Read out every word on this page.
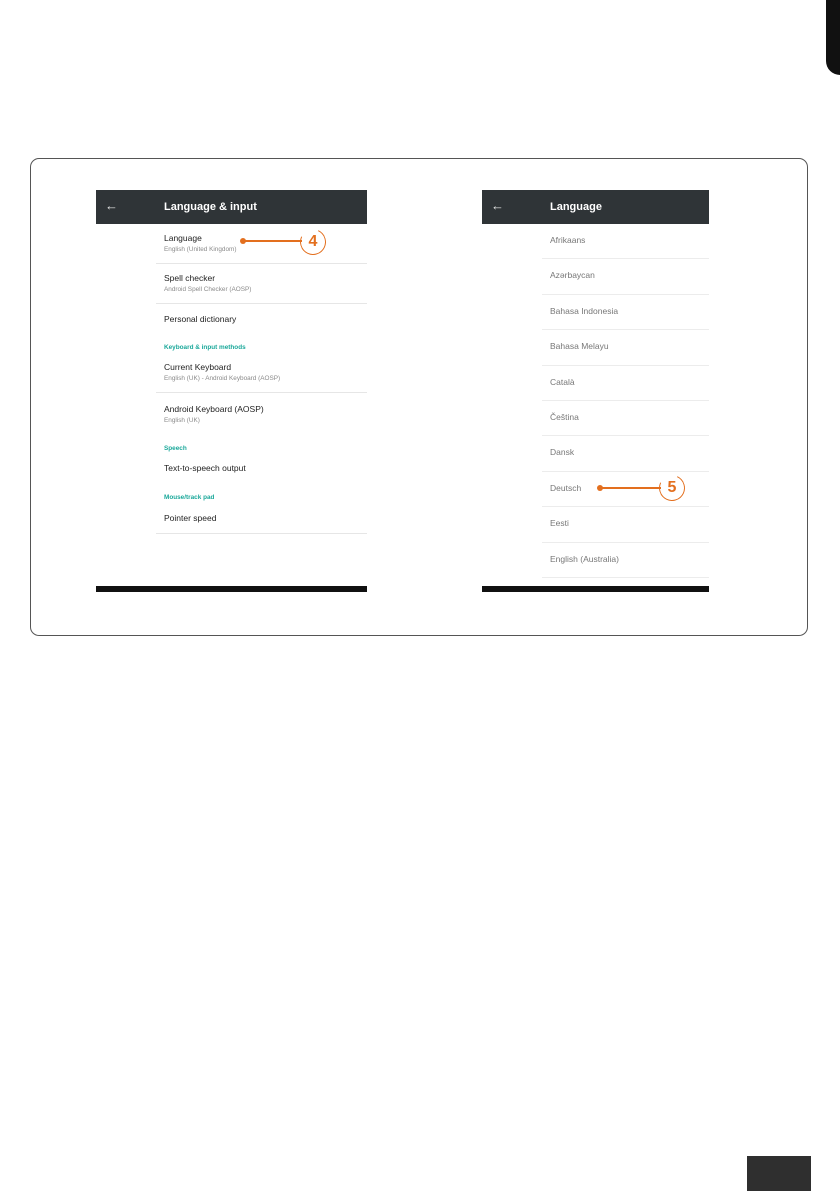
←	Language & input
Language
English (United Kingdom)
Spell checker
Android Spell Checker (AOSP)
Personal dictionary
Keyboard & input methods
Current Keyboard
English (UK) - Android Keyboard (AOSP)
Android Keyboard (AOSP)
English (UK)
Speech
Text-to-speech output
Mouse/track pad
Pointer speed
←	Language
Afrikaans
Azərbaycan
Bahasa Indonesia
Bahasa Melayu
Català
Čeština
Dansk
Deutsch
Eesti
English (Australia)
4
5
